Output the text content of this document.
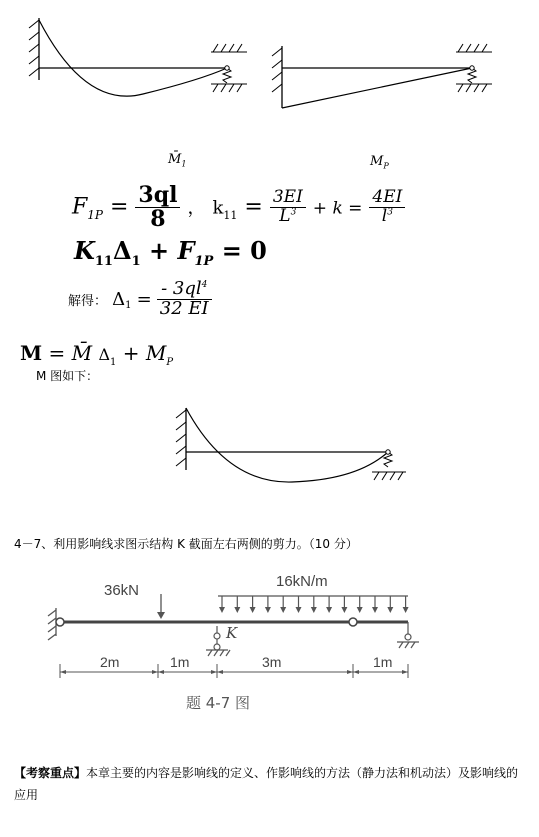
$M̄_1$	$M_P$
$F_{1P} = \frac{3ql}{8}$ ， $k_{11} = \frac{3EI}{L^3} + k = \frac{4EI}{l^3}$
$K_{11}\Delta_1 + F_{1P} = 0$
解得： $\Delta_1 = \frac{- 3ql^4}{32 EI}$
M = M̄ $\Delta_1 + M_P$
M 图如下：
4－7、利用影响线求图示结构 K 截面左右两侧的剪力。（10 分）
36kN
16kN/m
K
2m	1m	3m	1m
题 4-7 图
【考察重点】本章主要的内容是影响线的定义、作影响线的方法（静力法和机动法）及影响线的应用
